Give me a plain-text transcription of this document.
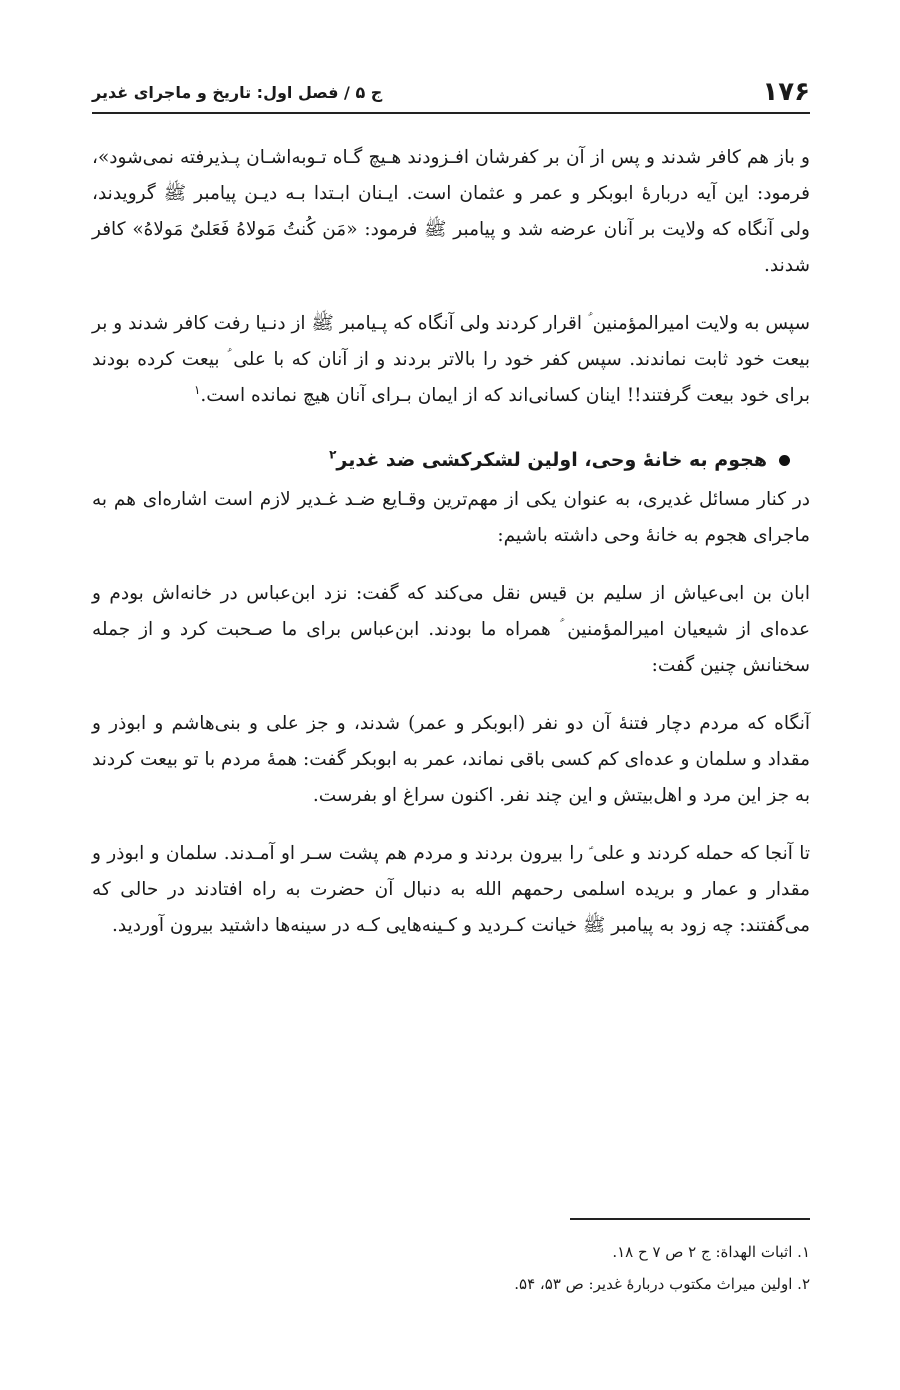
۱۷۶
ج ۵ / فصل اول: تاریخ و ماجرای غدیر

و باز هم کافر شدند و پس از آن بر کفرشان افـزودند هـیچ گـاه تـوبه‌اشـان پـذیرفته نمی‌شود»، فرمود: این آیه دربارهٔ ابوبکر و عمر و عثمان است. ایـنان ابـتدا بـه دیـن پیامبر ﷺ گرویدند، ولی آنگاه که ولایت بر آنان عرضه شد و پیامبر ﷺ فرمود: «مَن کُنتُ مَولاهُ فَعَلیٌ مَولاهُ» کافر شدند.

سپس به ولایت امیرالمؤمنین ؑ اقرار کردند ولی آنگاه که پـیامبر ﷺ از دنـیا رفت کافر شدند و بر بیعت خود ثابت نماندند. سپس کفر خود را بالاتر بردند و از آنان که با علی ؑ بیعت کرده بودند برای خود بیعت گرفتند!! اینان کسانی‌اند که از ایمان بـرای آنان هیچ نمانده است.$^۱$

هجوم به خانهٔ وحی، اولین لشکرکشی ضد غدیر$^۲$

در کنار مسائل غدیری، به عنوان یکی از مهم‌ترین وقـایع ضـد غـدیر لازم است اشاره‌ای هم به ماجرای هجوم به خانهٔ وحی داشته باشیم:

ابان بن ابی‌عیاش از سلیم بن قیس نقل می‌کند که گفت: نزد ابن‌عباس در خانه‌اش بودم و عده‌ای از شیعیان امیرالمؤمنین ؑ همراه ما بودند. ابن‌عباس برای ما صـحبت کرد و از جمله سخنانش چنین گفت:

آنگاه که مردم دچار فتنهٔ آن دو نفر (ابوبکر و عمر) شدند، و جز علی و بنی‌هاشم و ابوذر و مقداد و سلمان و عده‌ای کم کسی باقی نماند، عمر به ابوبکر گفت: همهٔ مردم با تو بیعت کردند به جز این مرد و اهل‌بیتش و این چند نفر. اکنون سراغ او بفرست.

تا آنجا که حمله کردند و علی ؑ را بیرون بردند و مردم هم پشت سـر او آمـدند. سلمان و ابوذر و مقدار و عمار و بریده اسلمی رحمهم الله به دنبال آن حضرت به راه افتادند در حالی که می‌گفتند: چه زود به پیامبر ﷺ خیانت کـردید و کـینه‌هایی کـه در سینه‌ها داشتید بیرون آوردید.

۱. اثبات الهداة: ج ۲ ص ۷ ح ۱۸.
۲. اولین میراث مکتوب دربارهٔ غدیر: ص ۵۳، ۵۴.
